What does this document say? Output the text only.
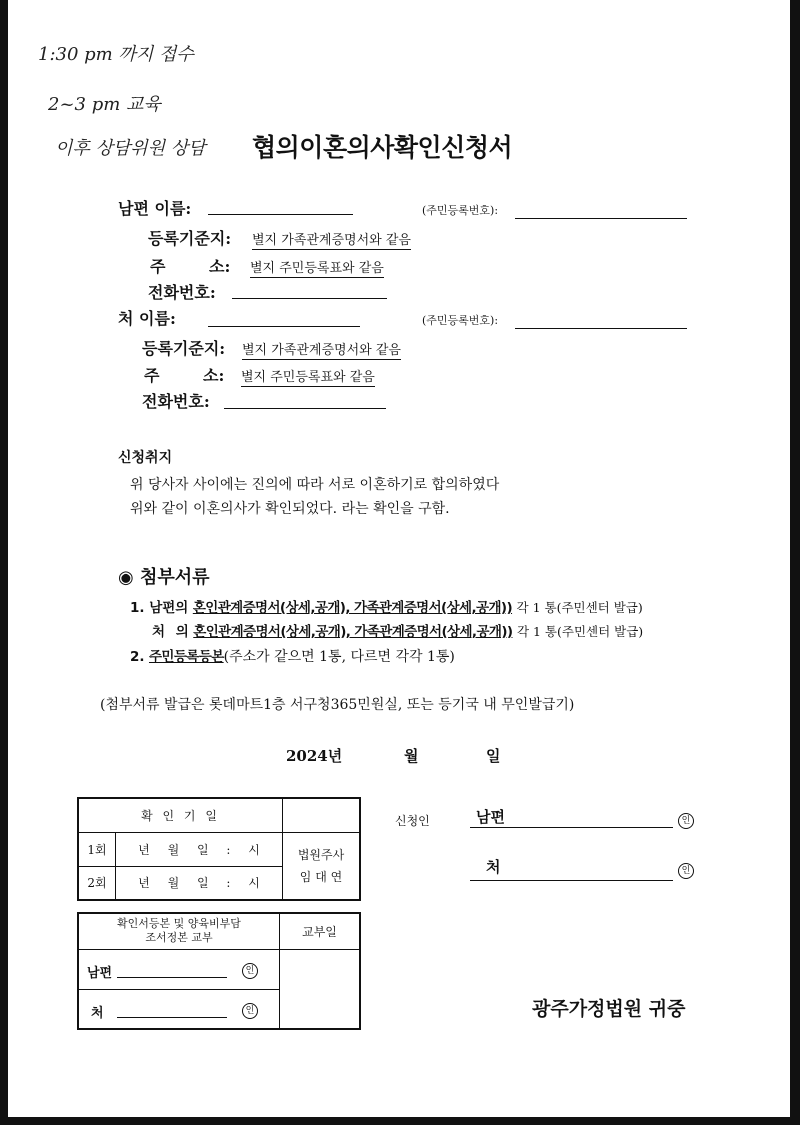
1:30 pm 까지 접수
2~3 pm 교육
이후 상담위원 상담 협의이혼의사확인신청서
남편 이름:	(주민등록번호):
등록기준지: 별지 가족관계증명서와 같음
주 소: 별지 주민등록표와 같음
전화번호:
처 이름:	(주민등록번호):
등록기준지: 별지 가족관계증명서와 같음
주 소: 별지 주민등록표와 같음
전화번호:
신청취지
위 당사자 사이에는 진의에 따라 서로 이혼하기로 합의하였다
위와 같이 이혼의사가 확인되었다. 라는 확인을 구함.
◉ 첨부서류
1. 남편의 혼인관계증명서(상세,공개), 가족관계증명서(상세,공개)) 각 1 통(주민센터 발급)
처 의 혼인관계증명서(상세,공개), 가족관계증명서(상세,공개)) 각 1 통(주민센터 발급)
2. 주민등록등본(주소가 같으면 1통, 다르면 각각 1통)
(첨부서류 발급은 롯데마트1층 서구청365민원실, 또는 등기국 내 무인발급기)
2024년	월	일
확 인 기 일		
1회	년 월 일 : 시	법원주사
임 대 연

2회	년 월 일 : 시	
신청인	남편	인
처	인
확인서등본 및 양육비부담
조서정본 교부	교부일

남편 인	

처 인		광주가정법원 귀중
